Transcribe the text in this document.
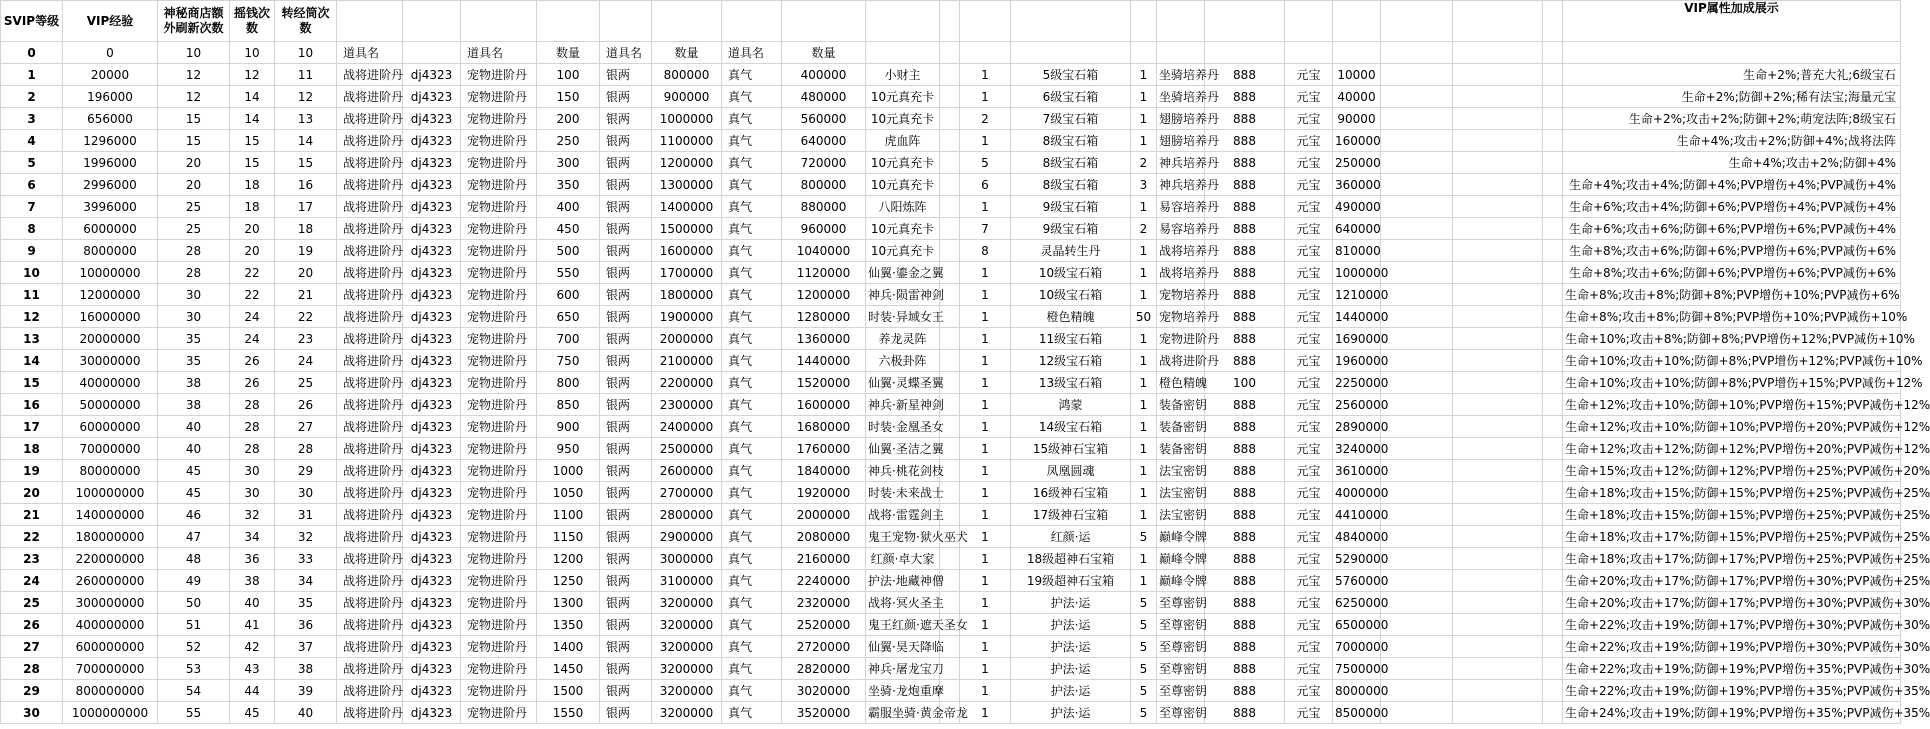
SVIP等级	VIP经验	神秘商店额外刷新次数	摇钱次数	转经筒次数																					VIP属性加成展示
0	0	10	10	10	道具名		道具名	数量	道具名	数量	道具名	数量													
1	20000	12	12	11	战将进阶丹	dj4323	宠物进阶丹	100	银两	800000	真气	400000	小财主		1	5级宝石箱	1	坐骑培养丹	888	元宝	10000				生命+2%;普充大礼;6级宝石
2	196000	12	14	12	战将进阶丹	dj4323	宠物进阶丹	150	银两	900000	真气	480000	10元真充卡		1	6级宝石箱	1	坐骑培养丹	888	元宝	40000				生命+2%;防御+2%;稀有法宝;海量元宝
3	656000	15	14	13	战将进阶丹	dj4323	宠物进阶丹	200	银两	1000000	真气	560000	10元真充卡		2	7级宝石箱	1	翅膀培养丹	888	元宝	90000				生命+2%;攻击+2%;防御+2%;萌宠法阵;8级宝石
4	1296000	15	15	14	战将进阶丹	dj4323	宠物进阶丹	250	银两	1100000	真气	640000	虎血阵		1	8级宝石箱	1	翅膀培养丹	888	元宝	160000				生命+4%;攻击+2%;防御+4%;战将法阵
5	1996000	20	15	15	战将进阶丹	dj4323	宠物进阶丹	300	银两	1200000	真气	720000	10元真充卡		5	8级宝石箱	2	神兵培养丹	888	元宝	250000				生命+4%;攻击+2%;防御+4%
6	2996000	20	18	16	战将进阶丹	dj4323	宠物进阶丹	350	银两	1300000	真气	800000	10元真充卡		6	8级宝石箱	3	神兵培养丹	888	元宝	360000				生命+4%;攻击+4%;防御+4%;PVP增伤+4%;PVP减伤+4%
7	3996000	25	18	17	战将进阶丹	dj4323	宠物进阶丹	400	银两	1400000	真气	880000	八阳炼阵		1	9级宝石箱	1	易容培养丹	888	元宝	490000				生命+6%;攻击+4%;防御+6%;PVP增伤+4%;PVP减伤+4%
8	6000000	25	20	18	战将进阶丹	dj4323	宠物进阶丹	450	银两	1500000	真气	960000	10元真充卡		7	9级宝石箱	2	易容培养丹	888	元宝	640000				生命+6%;攻击+6%;防御+6%;PVP增伤+6%;PVP减伤+4%
9	8000000	28	20	19	战将进阶丹	dj4323	宠物进阶丹	500	银两	1600000	真气	1040000	10元真充卡		8	灵晶转生丹	1	战将培养丹	888	元宝	810000				生命+8%;攻击+6%;防御+6%;PVP增伤+6%;PVP减伤+6%
10	10000000	28	22	20	战将进阶丹	dj4323	宠物进阶丹	550	银两	1700000	真气	1120000	仙翼·鎏金之翼		1	10级宝石箱	1	战将培养丹	888	元宝	1000000				生命+8%;攻击+6%;防御+6%;PVP增伤+6%;PVP减伤+6%
11	12000000	30	22	21	战将进阶丹	dj4323	宠物进阶丹	600	银两	1800000	真气	1200000	神兵·陨雷神剑		1	10级宝石箱	1	宠物培养丹	888	元宝	1210000				生命+8%;攻击+8%;防御+8%;PVP增伤+10%;PVP减伤+6%
12	16000000	30	24	22	战将进阶丹	dj4323	宠物进阶丹	650	银两	1900000	真气	1280000	时装·异域女王		1	橙色精魄	50	宠物培养丹	888	元宝	1440000				生命+8%;攻击+8%;防御+8%;PVP增伤+10%;PVP减伤+10%
13	20000000	35	24	23	战将进阶丹	dj4323	宠物进阶丹	700	银两	2000000	真气	1360000	养龙灵阵		1	11级宝石箱	1	宠物进阶丹	888	元宝	1690000				生命+10%;攻击+8%;防御+8%;PVP增伤+12%;PVP减伤+10%
14	30000000	35	26	24	战将进阶丹	dj4323	宠物进阶丹	750	银两	2100000	真气	1440000	六极卦阵		1	12级宝石箱	1	战将进阶丹	888	元宝	1960000				生命+10%;攻击+10%;防御+8%;PVP增伤+12%;PVP减伤+10%
15	40000000	38	26	25	战将进阶丹	dj4323	宠物进阶丹	800	银两	2200000	真气	1520000	仙翼·灵蝶圣翼		1	13级宝石箱	1	橙色精魄	100	元宝	2250000				生命+10%;攻击+10%;防御+8%;PVP增伤+15%;PVP减伤+12%
16	50000000	38	28	26	战将进阶丹	dj4323	宠物进阶丹	850	银两	2300000	真气	1600000	神兵·新星神剑		1	鸿蒙	1	装备密钥	888	元宝	2560000				生命+12%;攻击+10%;防御+10%;PVP增伤+15%;PVP减伤+12%
17	60000000	40	28	27	战将进阶丹	dj4323	宠物进阶丹	900	银两	2400000	真气	1680000	时装·金凰圣女		1	14级宝石箱	1	装备密钥	888	元宝	2890000				生命+12%;攻击+10%;防御+10%;PVP增伤+20%;PVP减伤+12%
18	70000000	40	28	28	战将进阶丹	dj4323	宠物进阶丹	950	银两	2500000	真气	1760000	仙翼·圣洁之翼		1	15级神石宝箱	1	装备密钥	888	元宝	3240000				生命+12%;攻击+12%;防御+12%;PVP增伤+20%;PVP减伤+12%
19	80000000	45	30	29	战将进阶丹	dj4323	宠物进阶丹	1000	银两	2600000	真气	1840000	神兵·桃花剑枝		1	凤凰圆魂	1	法宝密钥	888	元宝	3610000				生命+15%;攻击+12%;防御+12%;PVP增伤+25%;PVP减伤+20%
20	100000000	45	30	30	战将进阶丹	dj4323	宠物进阶丹	1050	银两	2700000	真气	1920000	时装·未来战士		1	16级神石宝箱	1	法宝密钥	888	元宝	4000000				生命+18%;攻击+15%;防御+15%;PVP增伤+25%;PVP减伤+25%
21	140000000	46	32	31	战将进阶丹	dj4323	宠物进阶丹	1100	银两	2800000	真气	2000000	战将·雷霆剑主		1	17级神石宝箱	1	法宝密钥	888	元宝	4410000				生命+18%;攻击+15%;防御+15%;PVP增伤+25%;PVP减伤+25%
22	180000000	47	34	32	战将进阶丹	dj4323	宠物进阶丹	1150	银两	2900000	真气	2080000	鬼王宠物·狱火巫犬		1	红颜·运	5	巅峰令牌	888	元宝	4840000				生命+18%;攻击+17%;防御+15%;PVP增伤+25%;PVP减伤+25%
23	220000000	48	36	33	战将进阶丹	dj4323	宠物进阶丹	1200	银两	3000000	真气	2160000	红颜·卓大家		1	18级超神石宝箱	1	巅峰令牌	888	元宝	5290000				生命+18%;攻击+17%;防御+17%;PVP增伤+25%;PVP减伤+25%
24	260000000	49	38	34	战将进阶丹	dj4323	宠物进阶丹	1250	银两	3100000	真气	2240000	护法·地藏神僧		1	19级超神石宝箱	1	巅峰令牌	888	元宝	5760000				生命+20%;攻击+17%;防御+17%;PVP增伤+30%;PVP减伤+25%
25	300000000	50	40	35	战将进阶丹	dj4323	宠物进阶丹	1300	银两	3200000	真气	2320000	战将·冥火圣主		1	护法·运	5	至尊密钥	888	元宝	6250000				生命+20%;攻击+17%;防御+17%;PVP增伤+30%;PVP减伤+30%
26	400000000	51	41	36	战将进阶丹	dj4323	宠物进阶丹	1350	银两	3200000	真气	2520000	鬼王红颜·遮天圣女		1	护法·运	5	至尊密钥	888	元宝	6500000				生命+22%;攻击+19%;防御+17%;PVP增伤+30%;PVP减伤+30%
27	600000000	52	42	37	战将进阶丹	dj4323	宠物进阶丹	1400	银两	3200000	真气	2720000	仙翼·昊天降临		1	护法·运	5	至尊密钥	888	元宝	7000000				生命+22%;攻击+19%;防御+19%;PVP增伤+30%;PVP减伤+30%
28	700000000	53	43	38	战将进阶丹	dj4323	宠物进阶丹	1450	银两	3200000	真气	2820000	神兵·屠龙宝刀		1	护法·运	5	至尊密钥	888	元宝	7500000				生命+22%;攻击+19%;防御+19%;PVP增伤+35%;PVP减伤+30%
29	800000000	54	44	39	战将进阶丹	dj4323	宠物进阶丹	1500	银两	3200000	真气	3020000	坐骑·龙炮重摩		1	护法·运	5	至尊密钥	888	元宝	8000000				生命+22%;攻击+19%;防御+19%;PVP增伤+35%;PVP减伤+35%
30	1000000000	55	45	40	战将进阶丹	dj4323	宠物进阶丹	1550	银两	3200000	真气	3520000	霸服坐骑·黄金帝龙		1	护法·运	5	至尊密钥	888	元宝	8500000				生命+24%;攻击+19%;防御+19%;PVP增伤+35%;PVP减伤+35%
